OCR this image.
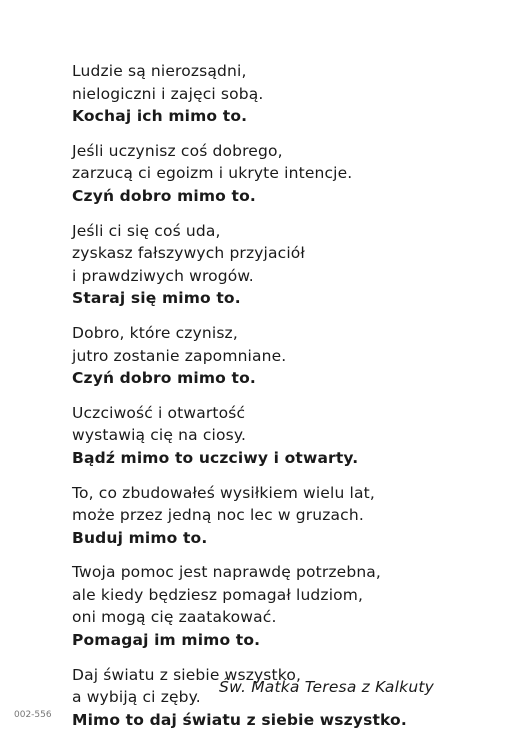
Ludzie są nierozsądni,
nielogiczni i zajęci sobą.
Kochaj ich mimo to.
Jeśli uczynisz coś dobrego,
zarzucą ci egoizm i ukryte intencje.
Czyń dobro mimo to.
Jeśli ci się coś uda,
zyskasz fałszywych przyjaciół
i prawdziwych wrogów.
Staraj się mimo to.
Dobro, które czynisz,
jutro zostanie zapomniane.
Czyń dobro mimo to.
Uczciwość i otwartość
wystawią cię na ciosy.
Bądź mimo to uczciwy i otwarty.
To, co zbudowałeś wysiłkiem wielu lat,
może przez jedną noc lec w gruzach.
Buduj mimo to.
Twoja pomoc jest naprawdę potrzebna,
ale kiedy będziesz pomagał ludziom,
oni mogą cię zaatakować.
Pomagaj im mimo to.
Daj światu z siebie wszystko,
a wybiją ci zęby.
Mimo to daj światu z siebie wszystko.
Św. Matka Teresa z Kalkuty
002-556
